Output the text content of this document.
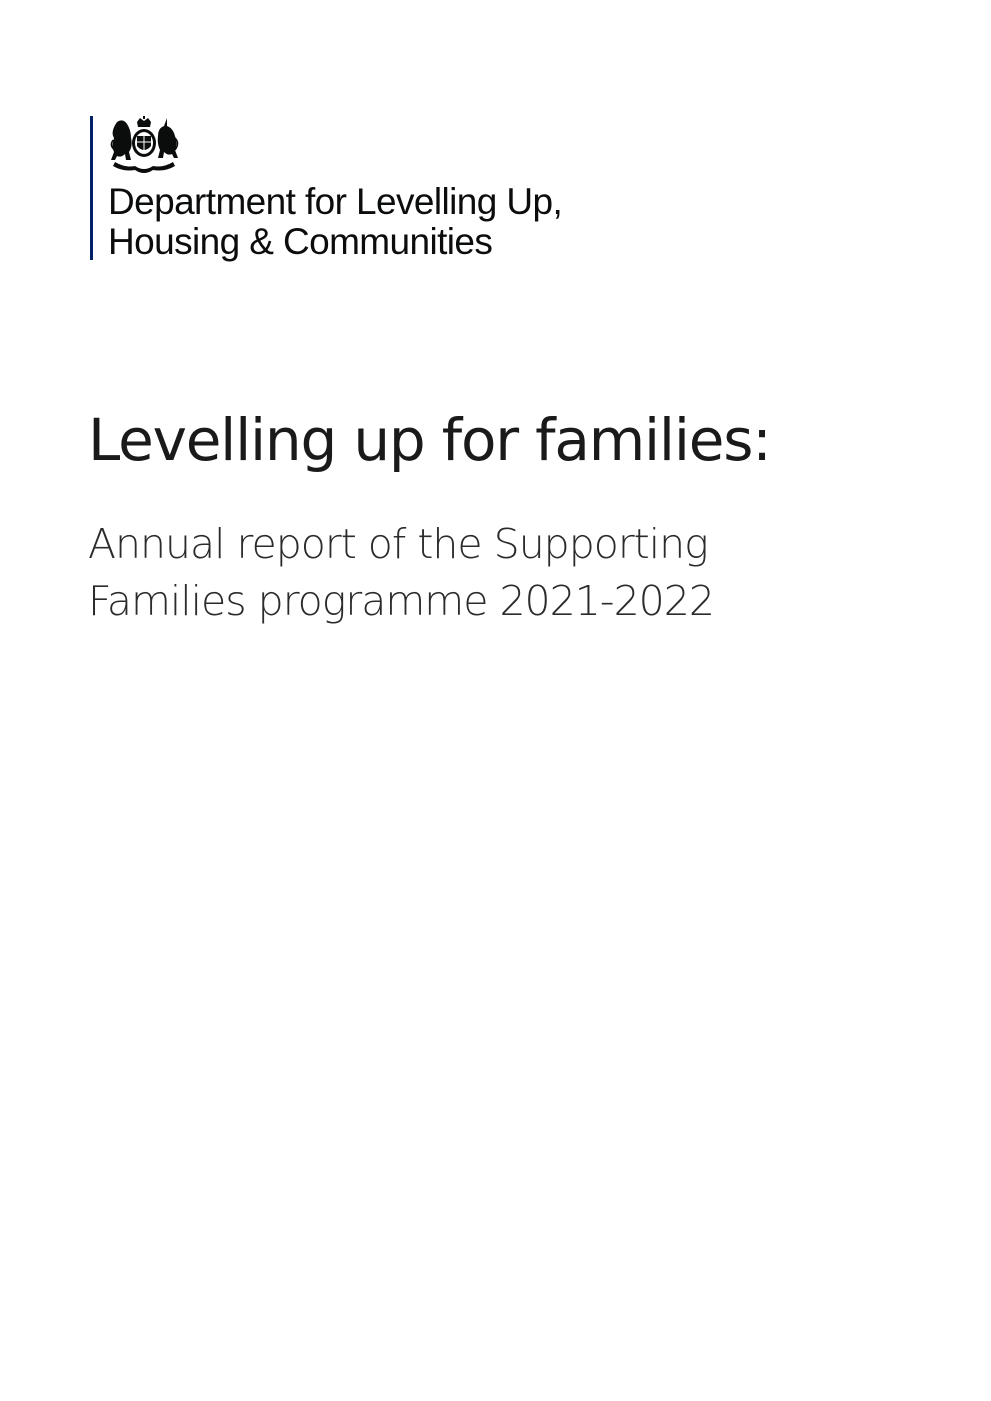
Department for Levelling Up,
Housing & Communities
Levelling up for families:
Annual report of the Supporting
Families programme 2021-2022
